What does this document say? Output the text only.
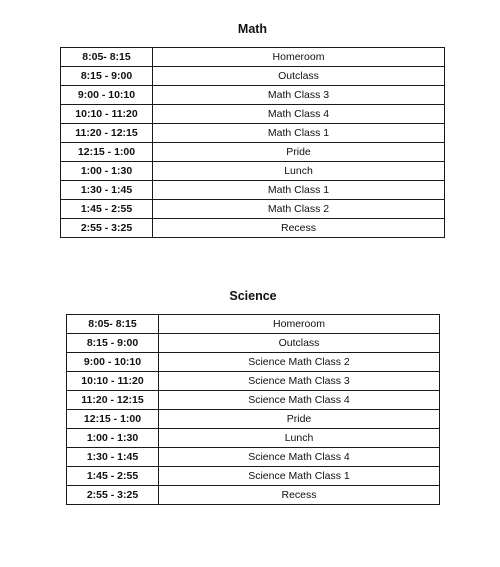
Math
8:05- 8:15	Homeroom
8:15 - 9:00	Outclass
9:00 - 10:10	Math Class 3
10:10 - 11:20	Math Class 4
11:20 - 12:15	Math Class 1
12:15 - 1:00	Pride
1:00 - 1:30	Lunch
1:30 - 1:45	Math Class 1
1:45 - 2:55	Math Class 2
2:55 - 3:25	Recess
Science
8:05- 8:15	Homeroom
8:15 - 9:00	Outclass
9:00 - 10:10	Science Math Class 2
10:10 - 11:20	Science Math Class 3
11:20 - 12:15	Science Math Class 4
12:15 - 1:00	Pride
1:00 - 1:30	Lunch
1:30 - 1:45	Science Math Class 4
1:45 - 2:55	Science Math Class 1
2:55 - 3:25	Recess
